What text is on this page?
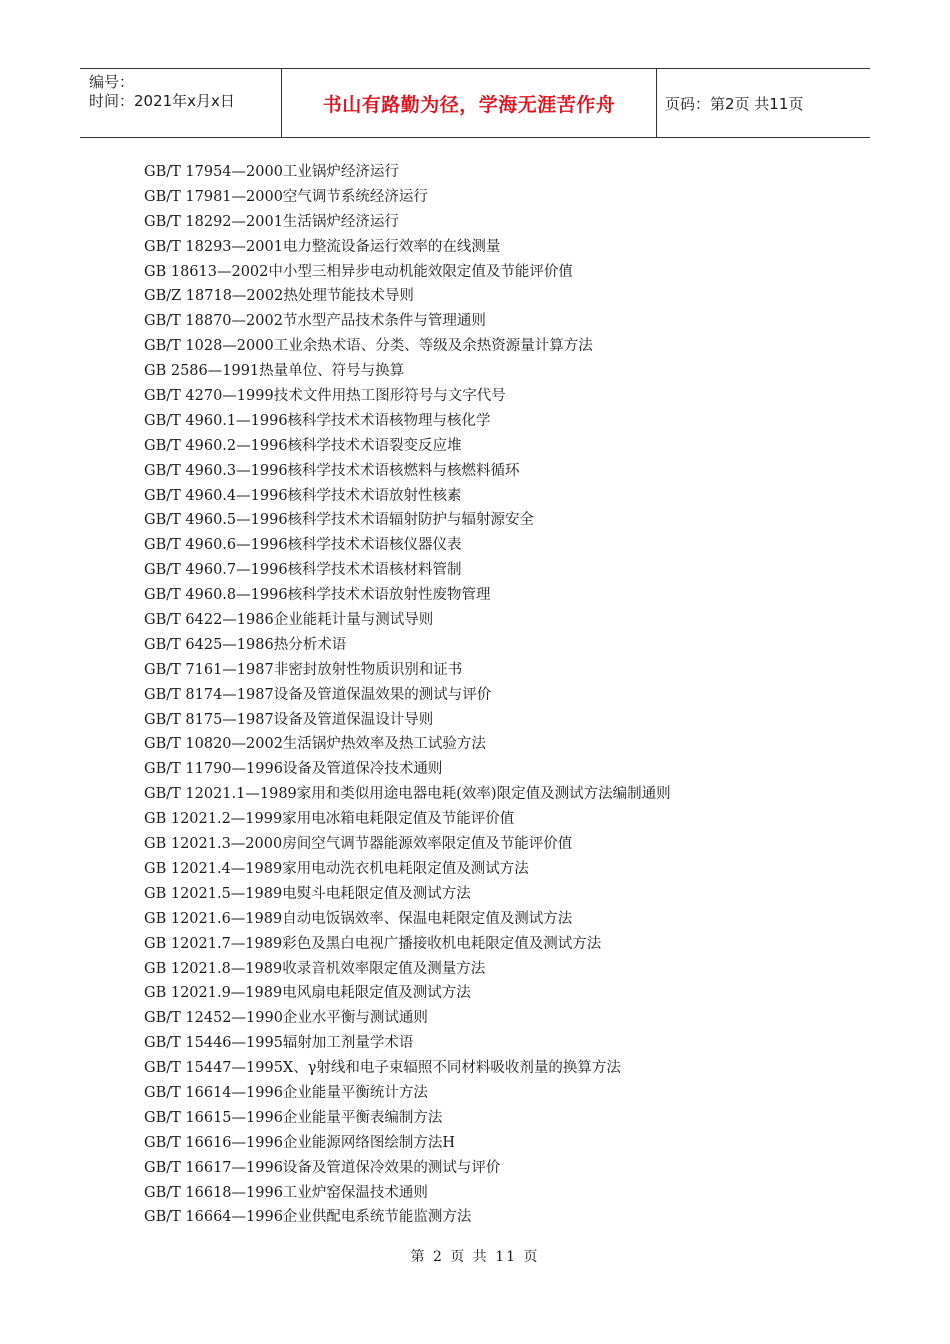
编号：
时间：2021年x月x日	书山有路勤为径，学海无涯苦作舟	页码：第2页 共11页
GB/T 17954—2000工业锅炉经济运行
GB/T 17981—2000空气调节系统经济运行
GB/T 18292—2001生活锅炉经济运行
GB/T 18293—2001电力整流设备运行效率的在线测量
GB 18613—2002中小型三相异步电动机能效限定值及节能评价值
GB/Z 18718—2002热处理节能技术导则
GB/T 18870—2002节水型产品技术条件与管理通则
GB/T 1028—2000工业余热术语、分类、等级及余热资源量计算方法
GB 2586—1991热量单位、符号与换算
GB/T 4270—1999技术文件用热工图形符号与文字代号
GB/T 4960.1—1996核科学技术术语核物理与核化学
GB/T 4960.2—1996核科学技术术语裂变反应堆
GB/T 4960.3—1996核科学技术术语核燃料与核燃料循环
GB/T 4960.4—1996核科学技术术语放射性核素
GB/T 4960.5—1996核科学技术术语辐射防护与辐射源安全
GB/T 4960.6—1996核科学技术术语核仪器仪表
GB/T 4960.7—1996核科学技术术语核材料管制
GB/T 4960.8—1996核科学技术术语放射性废物管理
GB/T 6422—1986企业能耗计量与测试导则
GB/T 6425—1986热分析术语
GB/T 7161—1987非密封放射性物质识别和证书
GB/T 8174—1987设备及管道保温效果的测试与评价
GB/T 8175—1987设备及管道保温设计导则
GB/T 10820—2002生活锅炉热效率及热工试验方法
GB/T 11790—1996设备及管道保冷技术通则
GB/T 12021.1—1989家用和类似用途电器电耗(效率)限定值及测试方法编制通则
GB 12021.2—1999家用电冰箱电耗限定值及节能评价值
GB 12021.3—2000房间空气调节器能源效率限定值及节能评价值
GB 12021.4—1989家用电动洗衣机电耗限定值及测试方法
GB 12021.5—1989电熨斗电耗限定值及测试方法
GB 12021.6—1989自动电饭锅效率、保温电耗限定值及测试方法
GB 12021.7—1989彩色及黑白电视广播接收机电耗限定值及测试方法
GB 12021.8—1989收录音机效率限定值及测量方法
GB 12021.9—1989电风扇电耗限定值及测试方法
GB/T 12452—1990企业水平衡与测试通则
GB/T 15446—1995辐射加工剂量学术语
GB/T 15447—1995X、γ射线和电子束辐照不同材料吸收剂量的换算方法
GB/T 16614—1996企业能量平衡统计方法
GB/T 16615—1996企业能量平衡表编制方法
GB/T 16616—1996企业能源网络图绘制方法H
GB/T 16617—1996设备及管道保冷效果的测试与评价
GB/T 16618—1996工业炉窑保温技术通则
GB/T 16664—1996企业供配电系统节能监测方法
第 2 页 共 11 页
